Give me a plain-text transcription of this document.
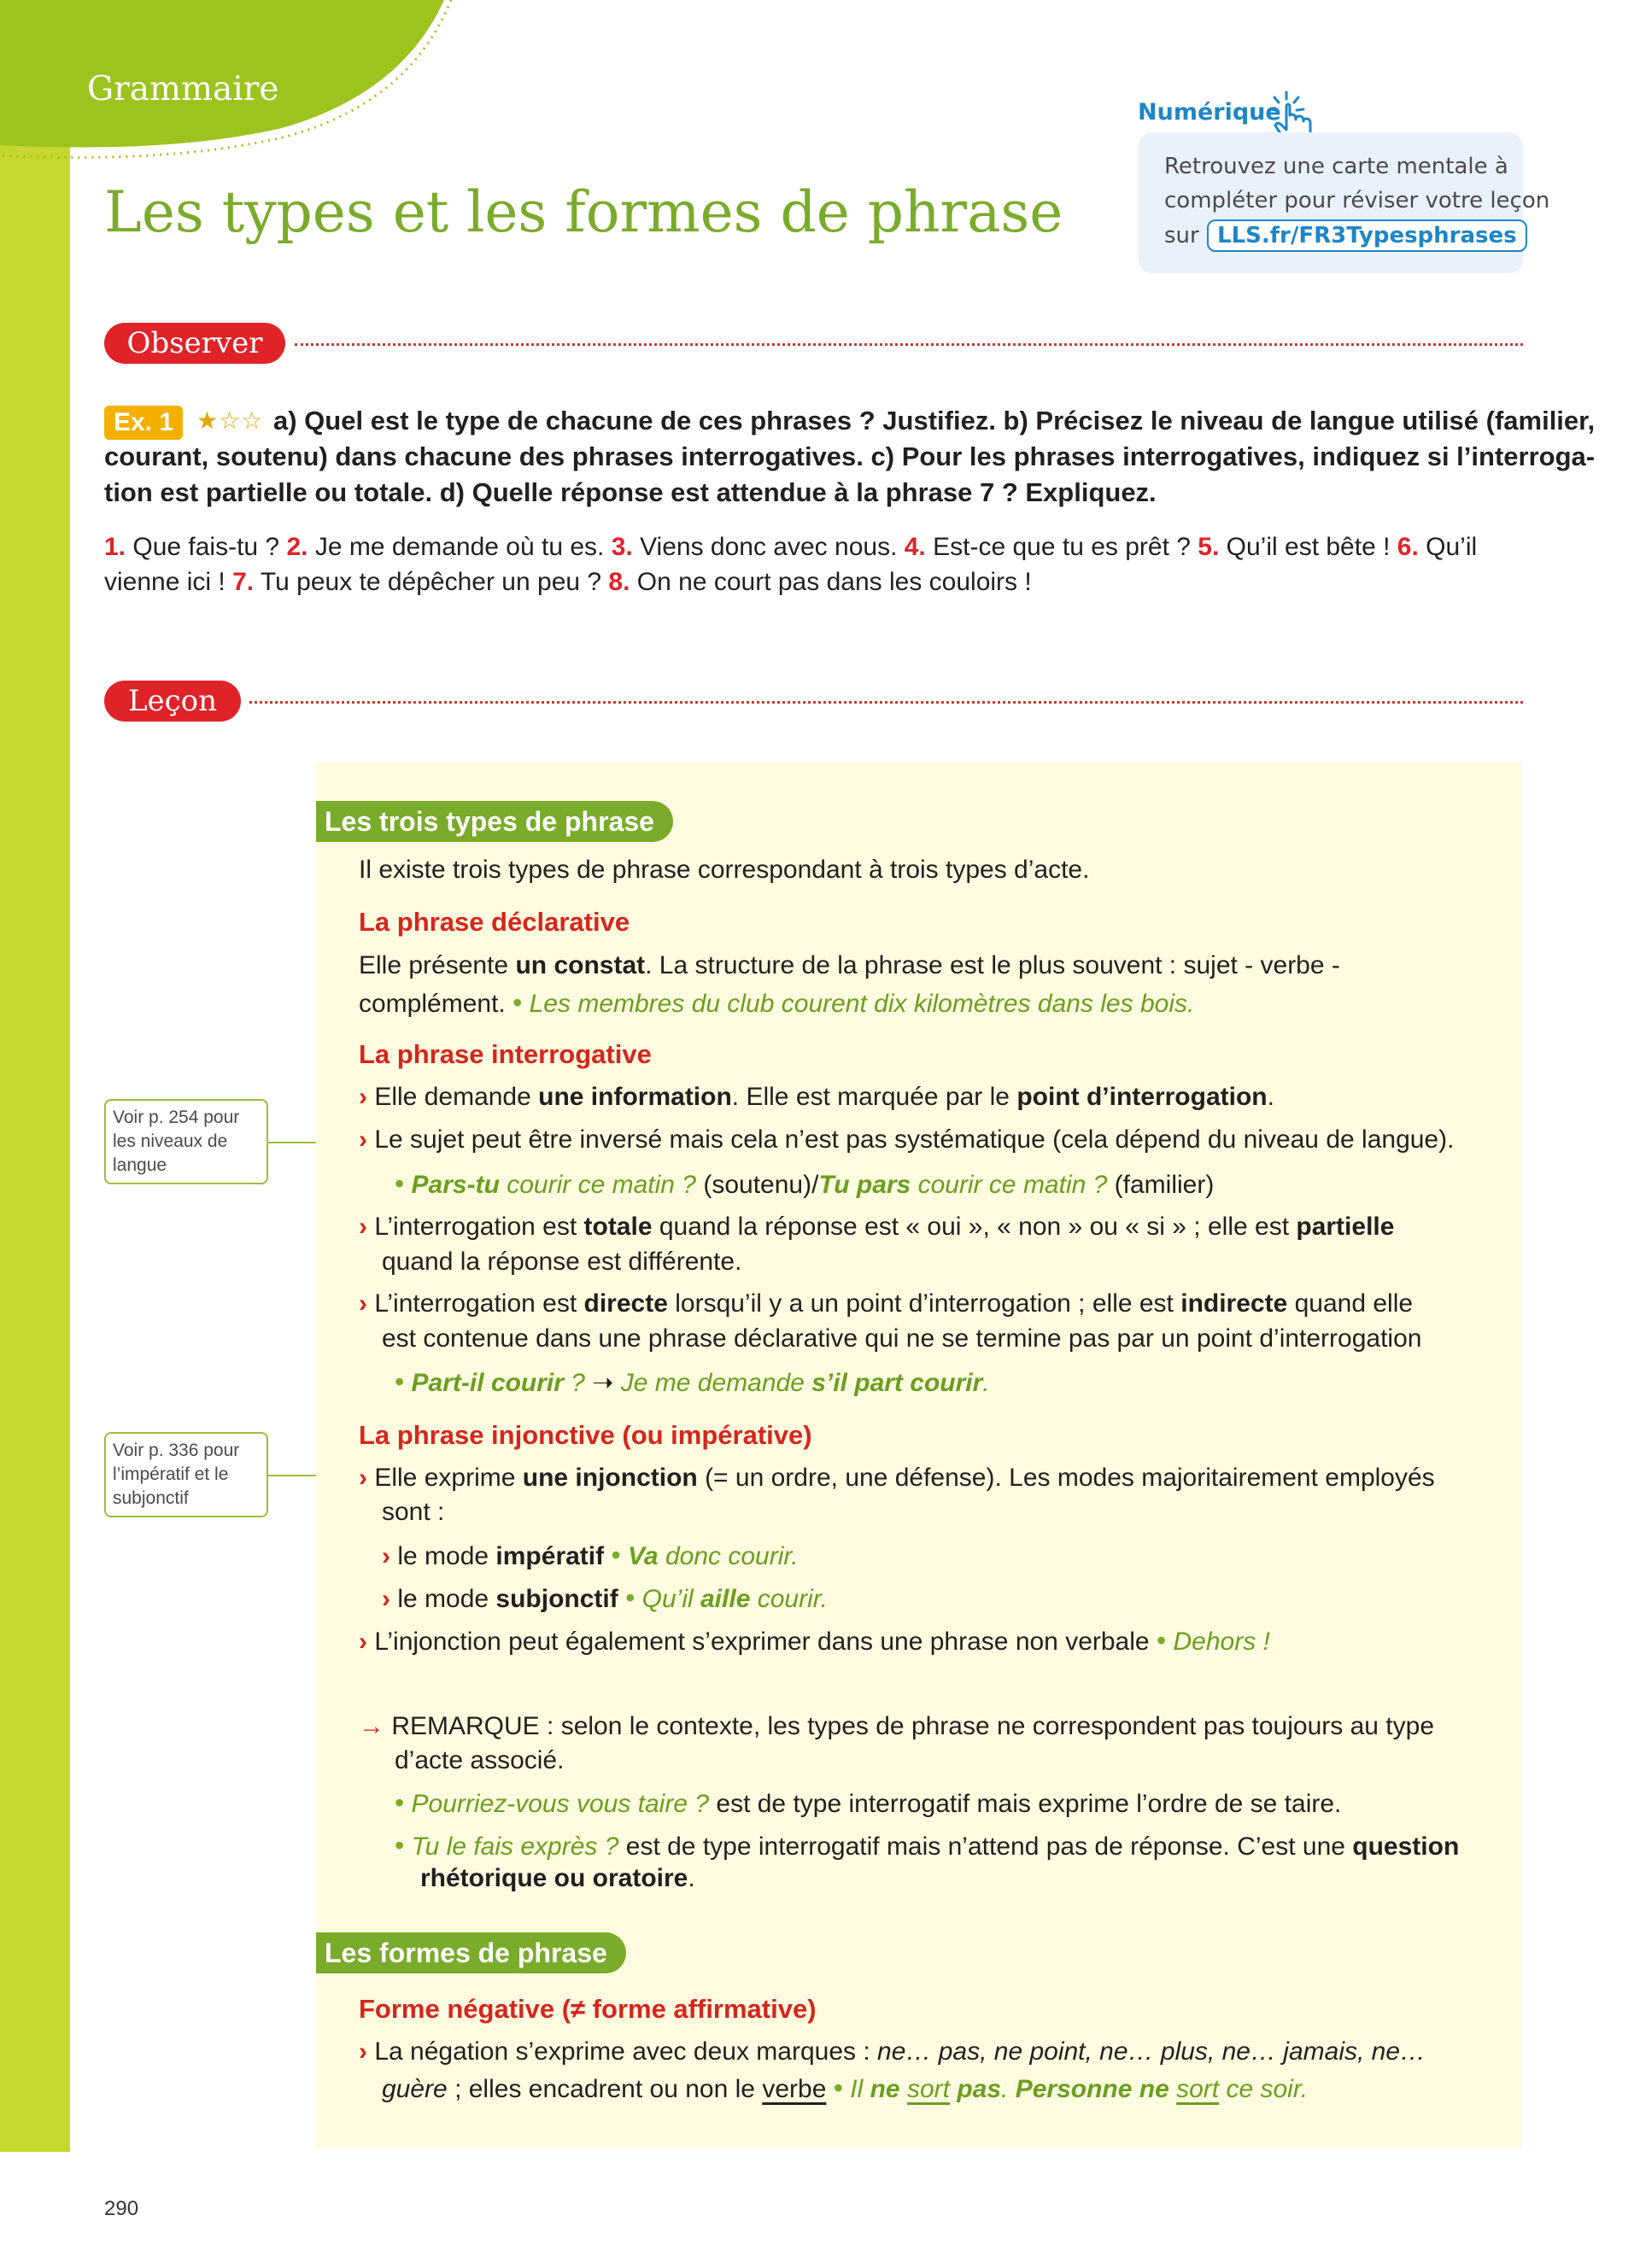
Grammaire
Les types et les formes de phrase
Numérique
Retrouvez une carte mentale à
compléter pour réviser votre leçon
sur LLS.fr/FR3Typesphrases
Observer
Ex. 1 ★☆☆ a) Quel est le type de chacune de ces phrases ? Justifiez. b) Précisez le niveau de langue utilisé (familier,
courant, soutenu) dans chacune des phrases interrogatives. c) Pour les phrases interrogatives, indiquez si l’interroga-
tion est partielle ou totale. d) Quelle réponse est attendue à la phrase 7 ? Expliquez.
1. Que fais-tu ? 2. Je me demande où tu es. 3. Viens donc avec nous. 4. Est-ce que tu es prêt ? 5. Qu’il est bête ! 6. Qu’il
vienne ici ! 7. Tu peux te dépêcher un peu ? 8. On ne court pas dans les couloirs !
Leçon
Voir p. 254 pour
les niveaux de
langue
Voir p. 336 pour
l’impératif et le
subjonctif
Les trois types de phrase
Il existe trois types de phrase correspondant à trois types d’acte.
La phrase déclarative
Elle présente un constat. La structure de la phrase est le plus souvent : sujet - verbe -
complément. • Les membres du club courent dix kilomètres dans les bois.
La phrase interrogative
› Elle demande une information. Elle est marquée par le point d’interrogation.
› Le sujet peut être inversé mais cela n’est pas systématique (cela dépend du niveau de langue).
• Pars-tu courir ce matin ? (soutenu)/Tu pars courir ce matin ? (familier)
› L’interrogation est totale quand la réponse est « oui », « non » ou « si » ; elle est partielle
quand la réponse est différente.
› L’interrogation est directe lorsqu’il y a un point d’interrogation ; elle est indirecte quand elle
est contenue dans une phrase déclarative qui ne se termine pas par un point d’interrogation
• Part-il courir ? ➝ Je me demande s’il part courir.
La phrase injonctive (ou impérative)
› Elle exprime une injonction (= un ordre, une défense). Les modes majoritairement employés
sont :
› le mode impératif • Va donc courir.
› le mode subjonctif • Qu’il aille courir.
› L’injonction peut également s’exprimer dans une phrase non verbale • Dehors !
→ REMARQUE : selon le contexte, les types de phrase ne correspondent pas toujours au type
d’acte associé.
• Pourriez-vous vous taire ? est de type interrogatif mais exprime l’ordre de se taire.
• Tu le fais exprès ? est de type interrogatif mais n’attend pas de réponse. C’est une question
rhétorique ou oratoire.
Les formes de phrase
Forme négative (≠ forme affirmative)
› La négation s’exprime avec deux marques : ne… pas, ne point, ne… plus, ne… jamais, ne…
guère ; elles encadrent ou non le verbe • Il ne sort pas. Personne ne sort ce soir.
290
